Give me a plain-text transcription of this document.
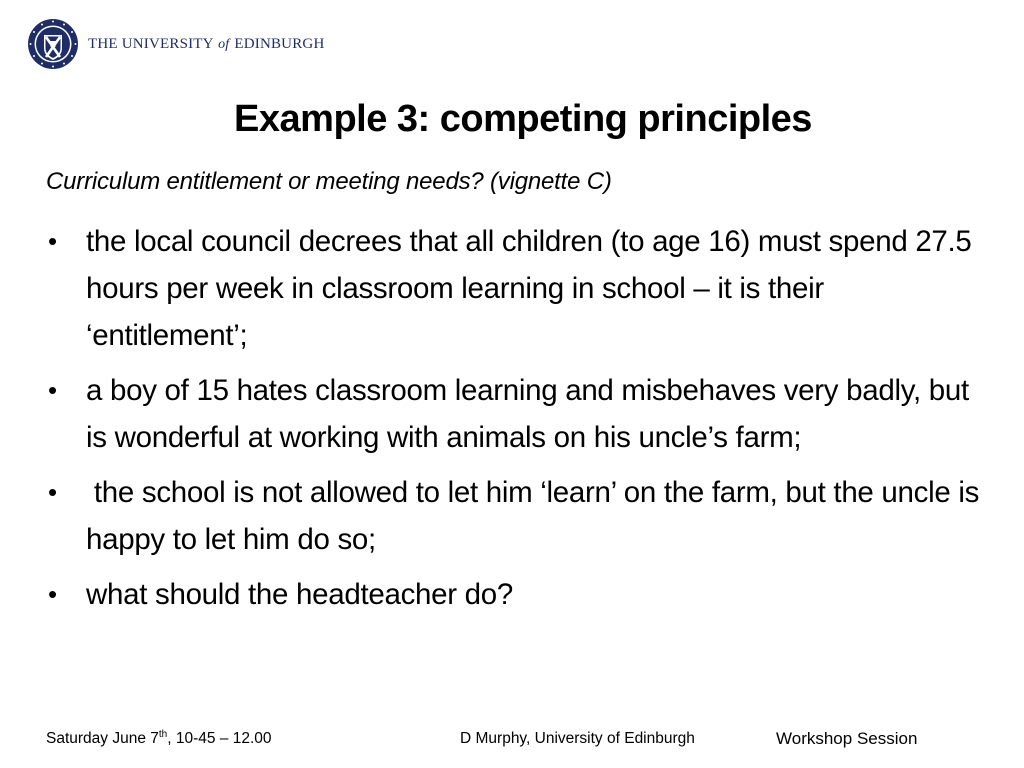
THE UNIVERSITY of EDINBURGH
Example 3: competing principles
Curriculum entitlement or meeting needs? (vignette C)
• the local council decrees that all children (to age 16) must spend 27.5 hours per week in classroom learning in school – it is their ‘entitlement’;
• a boy of 15 hates classroom learning and misbehaves very badly, but is wonderful at working with animals on his uncle’s farm;
• the school is not allowed to let him ‘learn’ on the farm, but the uncle is happy to let him do so;
• what should the headteacher do?
Saturday June 7th, 10-45 – 12.00	D Murphy, University of Edinburgh	Workshop Session
